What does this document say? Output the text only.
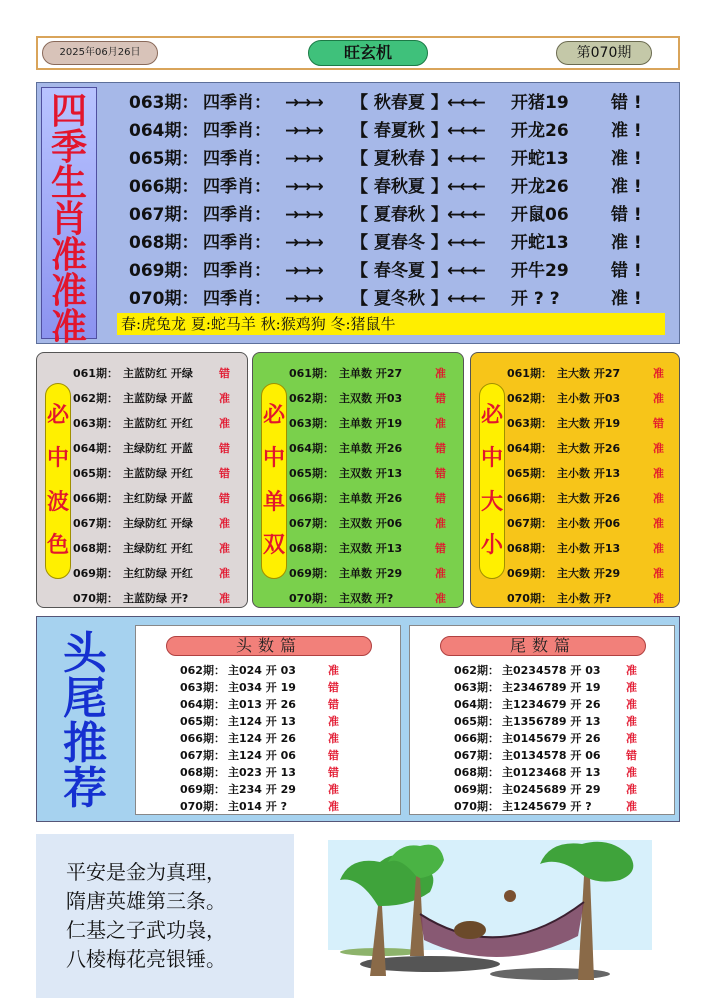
2025年06月26日	旺玄机	第070期
四
季
生
肖
准
准
准
063期： 四季肖： →→→	【 秋春夏 】 ←←←	开猪19	错 !
064期： 四季肖： →→→	【 春夏秋 】 ←←←	开龙26	准 !
065期： 四季肖： →→→	【 夏秋春 】 ←←←	开蛇13	准 !
066期： 四季肖： →→→	【 春秋夏 】 ←←←	开龙26	准 !
067期： 四季肖： →→→	【 夏春秋 】 ←←←	开鼠06	错 !
068期： 四季肖： →→→	【 夏春冬 】 ←←←	开蛇13	准 !
069期： 四季肖： →→→	【 春冬夏 】 ←←←	开牛29	错 !
070期： 四季肖： →→→	【 夏冬秋 】 ←←←	开 ? ?	准 !
春:虎兔龙 夏:蛇马羊 秋:猴鸡狗 冬:猪鼠牛
必
中
波
色
061期： 主蓝防红 开绿	错
062期： 主蓝防绿 开蓝	准
063期： 主蓝防红 开红	准
064期： 主绿防红 开蓝	错
065期： 主蓝防绿 开红	错
066期： 主红防绿 开蓝	错
067期： 主绿防红 开绿	准
068期： 主绿防红 开红	准
069期： 主红防绿 开红	准
070期： 主蓝防绿 开?	准
必
中
单
双
061期： 主单数 开27	准
062期： 主双数 开03	错
063期： 主单数 开19	准
064期： 主单数 开26	错
065期： 主双数 开13	错
066期： 主单数 开26	错
067期： 主双数 开06	准
068期： 主双数 开13	错
069期： 主单数 开29	准
070期： 主双数 开?	准
必
中
大
小
061期： 主大数 开27	准
062期： 主小数 开03	准
063期： 主大数 开19	错
064期： 主大数 开26	准
065期： 主小数 开13	准
066期： 主大数 开26	准
067期： 主小数 开06	准
068期： 主小数 开13	准
069期： 主大数 开29	准
070期： 主小数 开?	准
头
尾
推
荐
头数篇
062期： 主024 开 03	准
063期： 主034 开 19	错
064期： 主013 开 26	错
065期： 主124 开 13	准
066期： 主124 开 26	准
067期： 主124 开 06	错
068期： 主023 开 13	错
069期： 主234 开 29	准
070期： 主014 开 ?	准
尾数篇
062期： 主0234578 开 03	准
063期： 主2346789 开 19	准
064期： 主1234679 开 26	准
065期： 主1356789 开 13	准
066期： 主0145679 开 26	准
067期： 主0134578 开 06	错
068期： 主0123468 开 13	准
069期： 主0245689 开 29	准
070期： 主1245679 开 ?	准
平安是金为真理，
隋唐英雄第三条。
仁基之子武功袅，
八棱梅花亮银锤。
